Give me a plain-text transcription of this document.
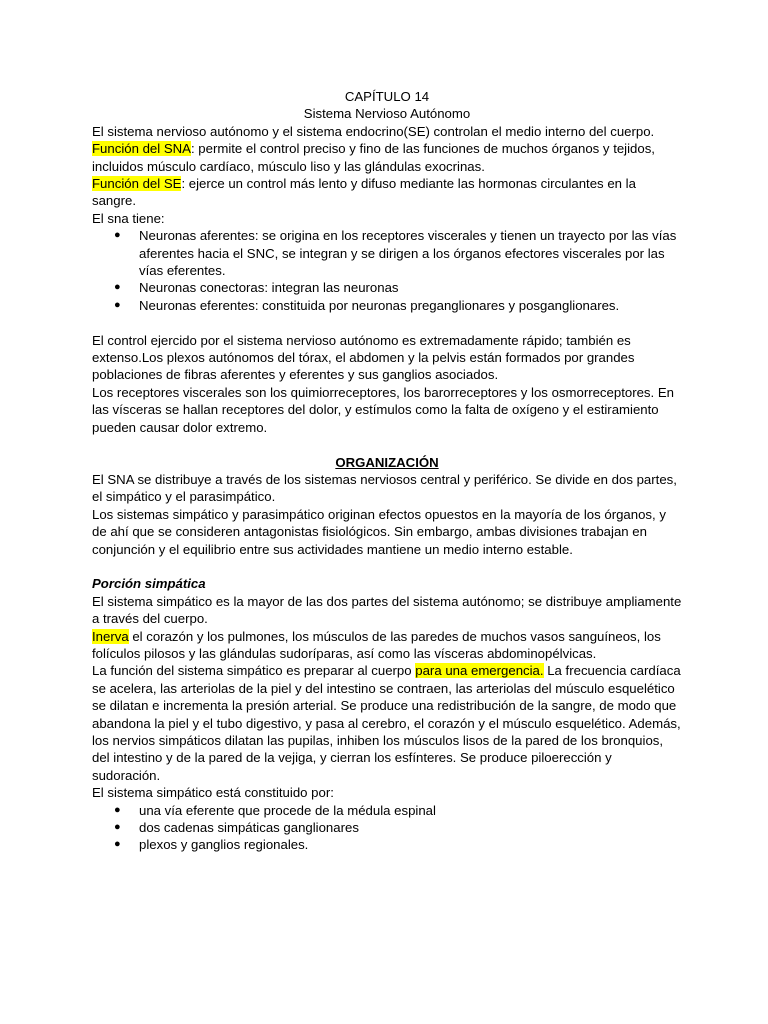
CAPÍTULO 14

Sistema Nervioso Autónomo

El sistema nervioso autónomo y el sistema endocrino(SE) controlan el medio interno del cuerpo.

Función del SNA: permite el control preciso y fino de las funciones de muchos órganos y tejidos, incluidos músculo cardíaco, músculo liso y las glándulas exocrinas.

Función del SE: ejerce un control más lento y difuso mediante las hormonas circulantes en la sangre.

El sna tiene:

● Neuronas aferentes: se origina en los receptores viscerales y tienen un trayecto por las vías aferentes hacia el SNC, se integran y se dirigen a los órganos efectores viscerales por las vías eferentes.
● Neuronas conectoras: integran las neuronas
● Neuronas eferentes: constituida por neuronas preganglionares y posganglionares.

El control ejercido por el sistema nervioso autónomo es extremadamente rápido; también es extenso.Los plexos autónomos del tórax, el abdomen y la pelvis están formados por grandes poblaciones de fibras aferentes y eferentes y sus ganglios asociados.

Los receptores viscerales son los quimiorreceptores, los barorreceptores y los osmorreceptores. En las vísceras se hallan receptores del dolor, y estímulos como la falta de oxígeno y el estiramiento pueden causar dolor extremo.

ORGANIZACIÓN

El SNA se distribuye a través de los sistemas nerviosos central y periférico. Se divide en dos partes, el simpático y el parasimpático.

Los sistemas simpático y parasimpático originan efectos opuestos en la mayoría de los órganos, y de ahí que se consideren antagonistas fisiológicos. Sin embargo, ambas divisiones trabajan en conjunción y el equilibrio entre sus actividades mantiene un medio interno estable.

Porción simpática

El sistema simpático es la mayor de las dos partes del sistema autónomo; se distribuye ampliamente a través del cuerpo.

Inerva el corazón y los pulmones, los músculos de las paredes de muchos vasos sanguíneos, los folículos pilosos y las glándulas sudoríparas, así como las vísceras abdominopélvicas.

La función del sistema simpático es preparar al cuerpo para una emergencia. La frecuencia cardíaca se acelera, las arteriolas de la piel y del intestino se contraen, las arteriolas del músculo esquelético se dilatan e incrementa la presión arterial. Se produce una redistribución de la sangre, de modo que abandona la piel y el tubo digestivo, y pasa al cerebro, el corazón y el músculo esquelético. Además, los nervios simpáticos dilatan las pupilas, inhiben los músculos lisos de la pared de los bronquios, del intestino y de la pared de la vejiga, y cierran los esfínteres. Se produce piloerección y sudoración.

El sistema simpático está constituido por:

● una vía eferente que procede de la médula espinal
● dos cadenas simpáticas ganglionares
● plexos y ganglios regionales.
